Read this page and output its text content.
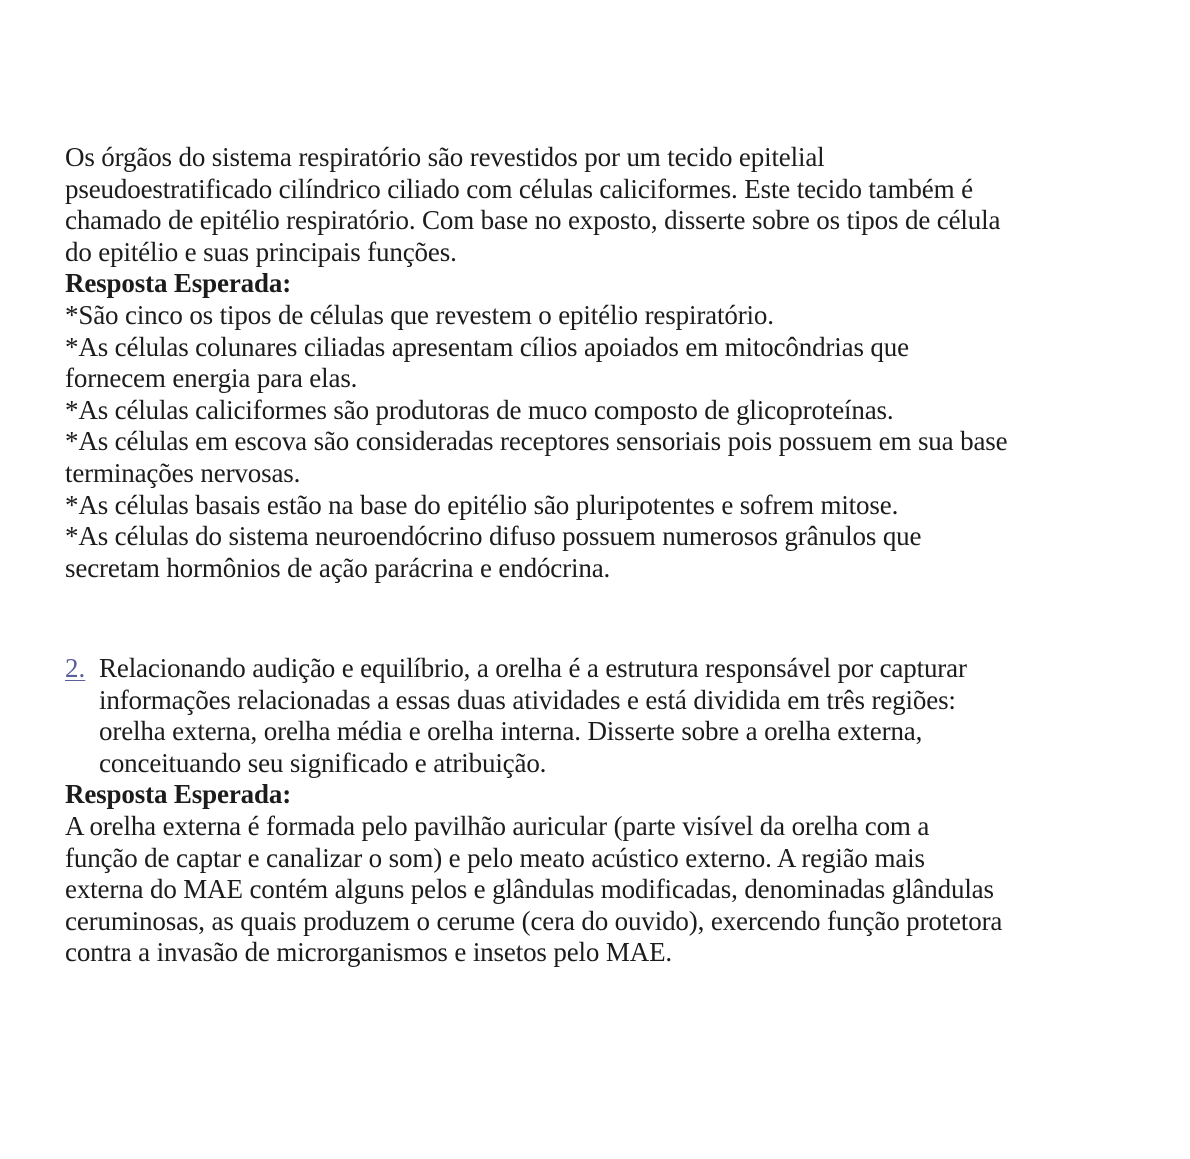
Os órgãos do sistema respiratório são revestidos por um tecido epitelial
pseudoestratificado cilíndrico ciliado com células caliciformes. Este tecido também é
chamado de epitélio respiratório. Com base no exposto, disserte sobre os tipos de célula
do epitélio e suas principais funções.
Resposta Esperada:
*São cinco os tipos de células que revestem o epitélio respiratório.
*As células colunares ciliadas apresentam cílios apoiados em mitocôndrias que
fornecem energia para elas.
*As células caliciformes são produtoras de muco composto de glicoproteínas.
*As células em escova são consideradas receptores sensoriais pois possuem em sua base
terminações nervosas.
*As células basais estão na base do epitélio são pluripotentes e sofrem mitose.
*As células do sistema neuroendócrino difuso possuem numerosos grânulos que
secretam hormônios de ação parácrina e endócrina.
2. Relacionando audição e equilíbrio, a orelha é a estrutura responsável por capturar
informações relacionadas a essas duas atividades e está dividida em três regiões:
orelha externa, orelha média e orelha interna. Disserte sobre a orelha externa,
conceituando seu significado e atribuição.
Resposta Esperada:
A orelha externa é formada pelo pavilhão auricular (parte visível da orelha com a
função de captar e canalizar o som) e pelo meato acústico externo. A região mais
externa do MAE contém alguns pelos e glândulas modificadas, denominadas glândulas
ceruminosas, as quais produzem o cerume (cera do ouvido), exercendo função protetora
contra a invasão de microrganismos e insetos pelo MAE.
